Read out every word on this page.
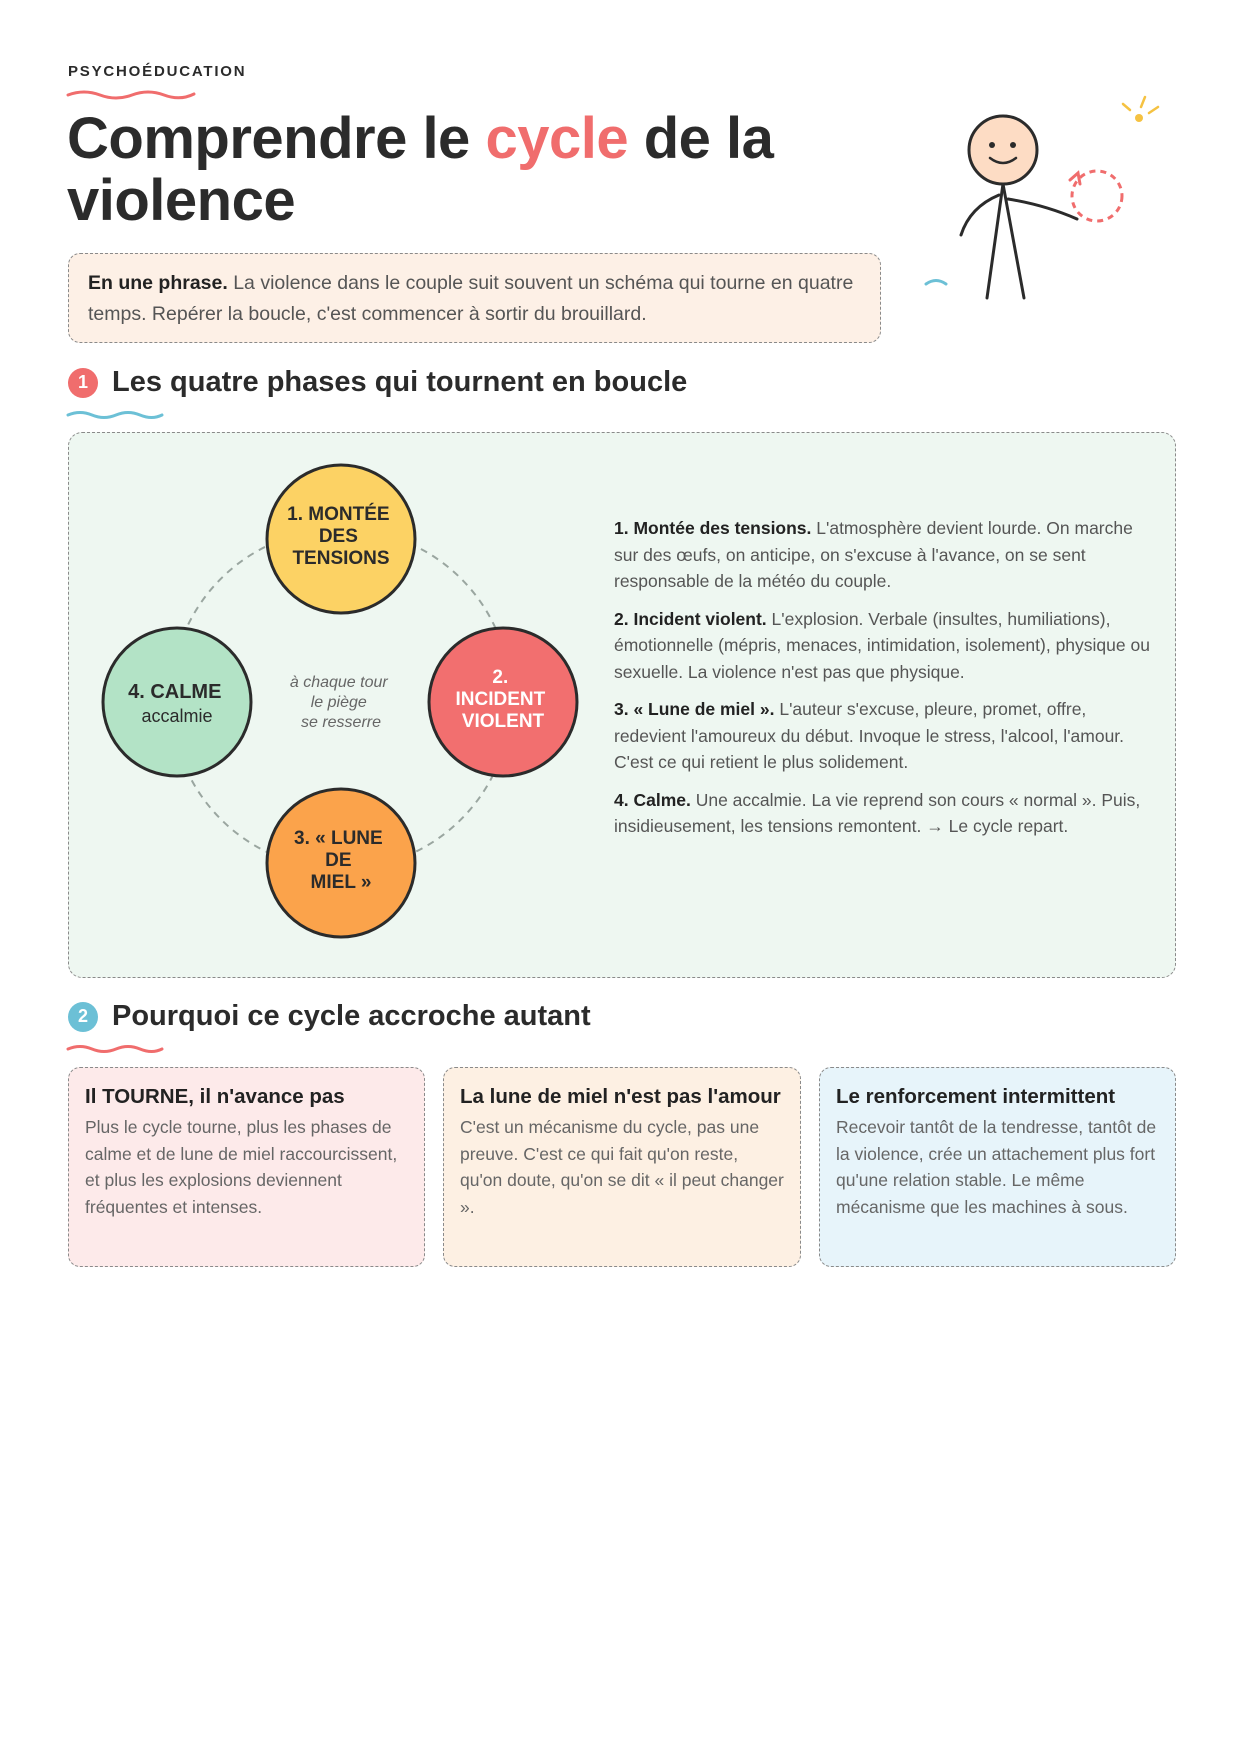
PSYCHOÉDUCATION
Comprendre le cycle de la violence
En une phrase. La violence dans le couple suit souvent un schéma qui tourne en quatre temps. Repérer la boucle, c'est commencer à sortir du brouillard.
1 Les quatre phases qui tournent en boucle
à chaque tour le piège se resserre
1. MONTÉE DES TENSIONS
2. INCIDENT VIOLENT
3. « LUNE DE MIEL »
4. CALME accalmie

1. Montée des tensions. L'atmosphère devient lourde. On marche sur des œufs, on anticipe, on s'excuse à l'avance, on se sent responsable de la météo du couple.

2. Incident violent. L'explosion. Verbale (insultes, humiliations), émotionnelle (mépris, menaces, intimidation, isolement), physique ou sexuelle. La violence n'est pas que physique.

3. « Lune de miel ». L'auteur s'excuse, pleure, promet, offre, redevient l'amoureux du début. Invoque le stress, l'alcool, l'amour. C'est ce qui retient le plus solidement.

4. Calme. Une accalmie. La vie reprend son cours « normal ». Puis, insidieusement, les tensions remontent. → Le cycle repart.

2 Pourquoi ce cycle accroche autant
Il TOURNE, il n'avance pas

Plus le cycle tourne, plus les phases de calme et de lune de miel raccourcissent, et plus les explosions deviennent fréquentes et intenses.

La lune de miel n'est pas l'amour

C'est un mécanisme du cycle, pas une preuve. C'est ce qui fait qu'on reste, qu'on doute, qu'on se dit « il peut changer ».

Le renforcement intermittent

Recevoir tantôt de la tendresse, tantôt de la violence, crée un attachement plus fort qu'une relation stable. Le même mécanisme que les machines à sous.
